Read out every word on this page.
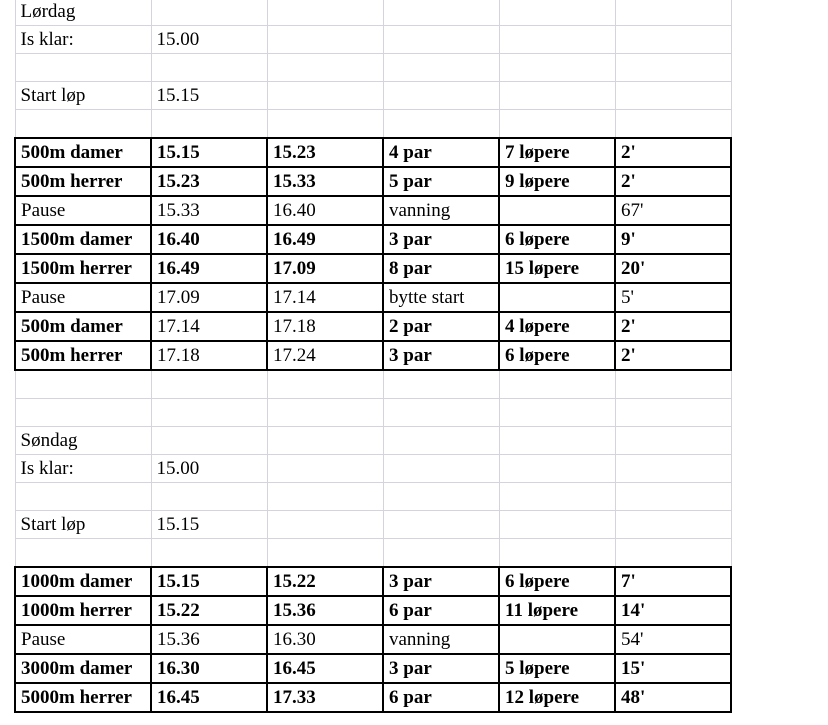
Lørdag					
Is klar:	15.00				

Start løp	15.15				

500m damer	15.15	15.23	4 par	7 løpere	2'
500m herrer	15.23	15.33	5 par	9 løpere	2'
Pause	15.33	16.40	vanning		67'
1500m damer	16.40	16.49	3 par	6 løpere	9'
1500m herrer	16.49	17.09	8 par	15 løpere	20'
Pause	17.09	17.14	bytte start		5'
500m damer	17.14	17.18	2 par	4 løpere	2'
500m herrer	17.18	17.24	3 par	6 løpere	2'

Søndag					
Is klar:	15.00				

Start løp	15.15				

1000m damer	15.15	15.22	3 par	6 løpere	7'
1000m herrer	15.22	15.36	6 par	11 løpere	14'
Pause	15.36	16.30	vanning		54'
3000m damer	16.30	16.45	3 par	5 løpere	15'
5000m herrer	16.45	17.33	6 par	12 løpere	48'
